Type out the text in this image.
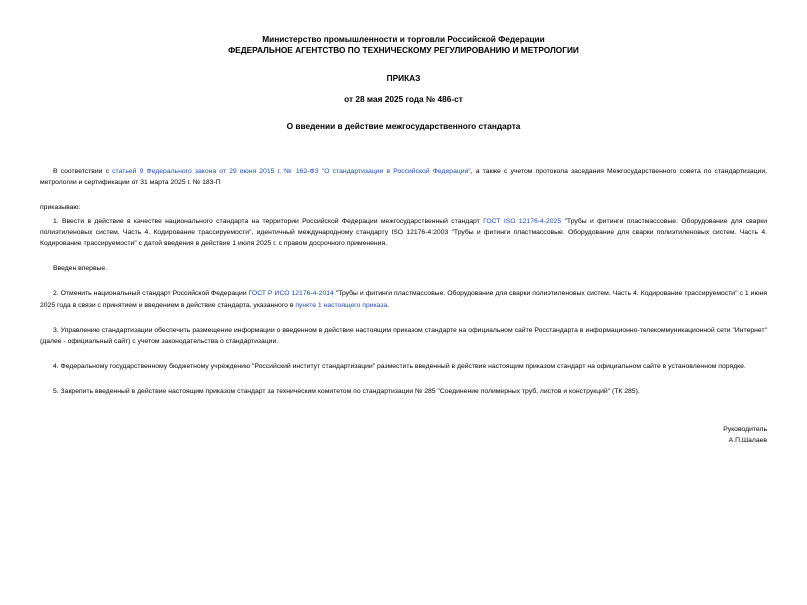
Министерство промышленности и торговли Российской Федерации
ФЕДЕРАЛЬНОЕ АГЕНТСТВО ПО ТЕХНИЧЕСКОМУ РЕГУЛИРОВАНИЮ И МЕТРОЛОГИИ
ПРИКАЗ
от 28 мая 2025 года № 486-ст
О введении в действие межгосударственного стандарта

В соответствии с статьей 9 Федерального закона от 29 июня 2015 г. № 162-ФЗ "О стандартизации в Российской Федерации", а также с учетом протокола заседания Межгосударственного совета по стандартизации, метрологии и сертификации от 31 марта 2025 г. № 183-П

приказываю:

1. Ввести в действие в качестве национального стандарта на территории Российской Федерации межгосударственный стандарт ГОСТ ISO 12176-4-2025 "Трубы и фитинги пластмассовые. Оборудование для сварки полиэтиленовых систем. Часть 4. Кодирование трассируемости", идентичный международному стандарту ISO 12176-4:2003 "Трубы и фитинги пластмассовые. Оборудование для сварки полиэтиленовых систем. Часть 4. Кодирование трассируемости" с датой введения в действие 1 июля 2025 г. с правом досрочного применения.

Введен впервые.

2. Отменить национальный стандарт Российской Федерации ГОСТ Р ИСО 12176-4-2014 "Трубы и фитинги пластмассовые. Оборудование для сварки полиэтиленовых систем. Часть 4. Кодирование трассируемости" с 1 июня 2025 года в связи с принятием и введением в действие стандарта, указанного в пункте 1 настоящего приказа.

3. Управлению стандартизации обеспечить размещение информации о введенном в действие настоящим приказом стандарте на официальном сайте Росстандарта в информационно-телекоммуникационной сети "Интернет" (далее - официальный сайт) с учетом законодательства о стандартизации.

4. Федеральному государственному бюджетному учреждению "Российский институт стандартизации" разместить введенный в действие настоящим приказом стандарт на официальном сайте в установленном порядке.

5. Закрепить введенный в действие настоящим приказом стандарт за техническим комитетом по стандартизации № 285 "Соединение полимерных труб, листов и конструкций" (ТК 285).

Руководитель
А.П.Шалаев
